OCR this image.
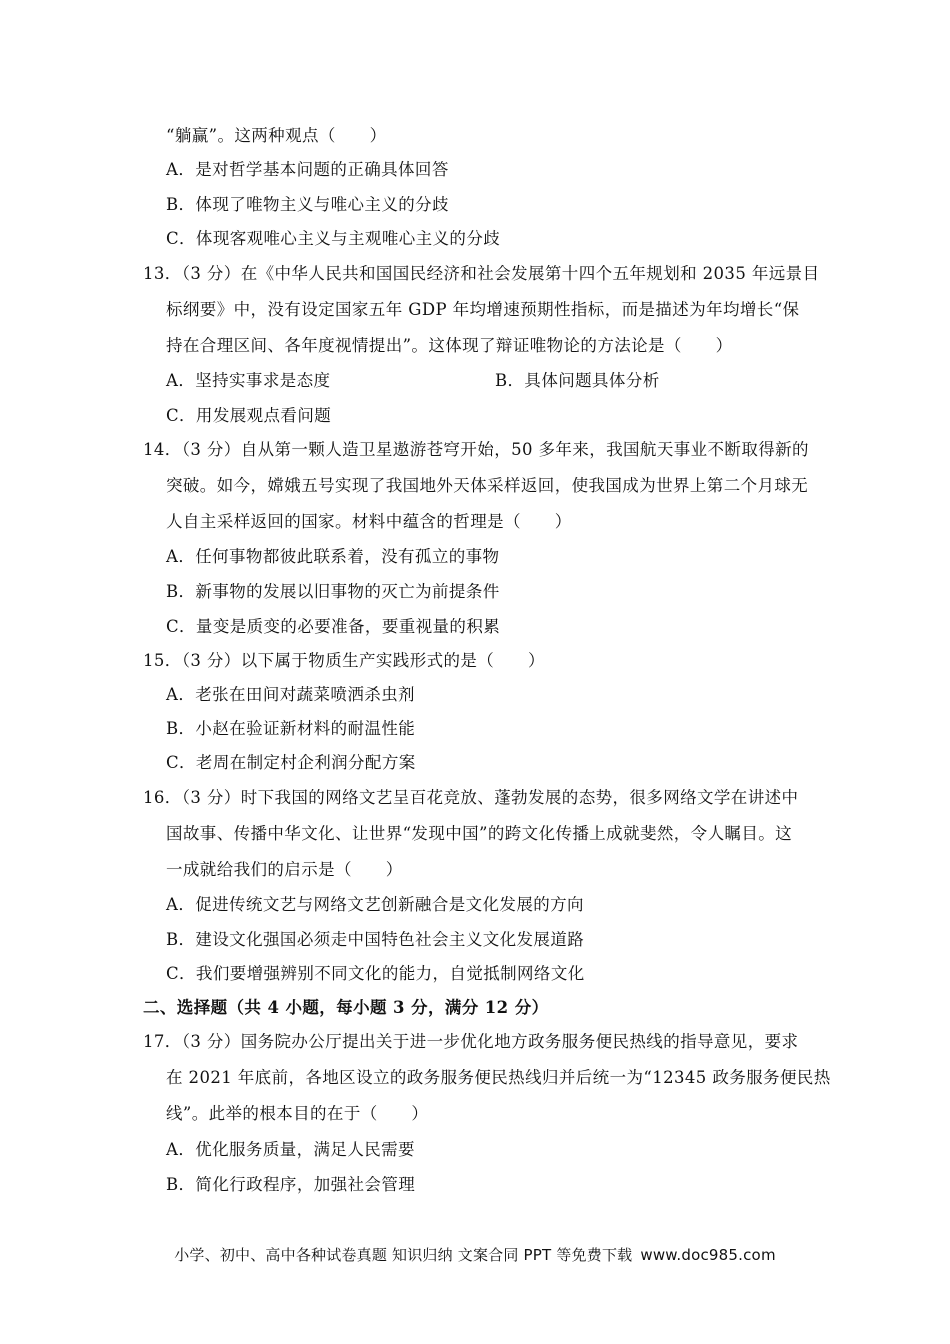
“躺赢”。这两种观点（　　）
A．是对哲学基本问题的正确具体回答
B．体现了唯物主义与唯心主义的分歧
C．体现客观唯心主义与主观唯心主义的分歧
13．（3 分）在《中华人民共和国国民经济和社会发展第十四个五年规划和 2035 年远景目
标纲要》中，没有设定国家五年 GDP 年均增速预期性指标，而是描述为年均增长“保
持在合理区间、各年度视情提出”。这体现了辩证唯物论的方法论是（　　）
A．坚持实事求是态度	B．具体问题具体分析
C．用发展观点看问题
14．（3 分）自从第一颗人造卫星遨游苍穹开始，50 多年来，我国航天事业不断取得新的
突破。如今，嫦娥五号实现了我国地外天体采样返回，使我国成为世界上第二个月球无
人自主采样返回的国家。材料中蕴含的哲理是（　　）
A．任何事物都彼此联系着，没有孤立的事物
B．新事物的发展以旧事物的灭亡为前提条件
C．量变是质变的必要准备，要重视量的积累
15．（3 分）以下属于物质生产实践形式的是（　　）
A．老张在田间对蔬菜喷洒杀虫剂
B．小赵在验证新材料的耐温性能
C．老周在制定村企利润分配方案
16．（3 分）时下我国的网络文艺呈百花竞放、蓬勃发展的态势，很多网络文学在讲述中
国故事、传播中华文化、让世界“发现中国”的跨文化传播上成就斐然，令人瞩目。这
一成就给我们的启示是（　　）
A．促进传统文艺与网络文艺创新融合是文化发展的方向
B．建设文化强国必须走中国特色社会主义文化发展道路
C．我们要增强辨别不同文化的能力，自觉抵制网络文化
二、选择题（共 4 小题，每小题 3 分，满分 12 分）
17．（3 分）国务院办公厅提出关于进一步优化地方政务服务便民热线的指导意见，要求
在 2021 年底前，各地区设立的政务服务便民热线归并后统一为“12345 政务服务便民热
线”。此举的根本目的在于（　　）
A．优化服务质量，满足人民需要
B．简化行政程序，加强社会管理
小学、初中、高中各种试卷真题 知识归纳 文案合同 PPT 等免费下载 www.doc985.com
